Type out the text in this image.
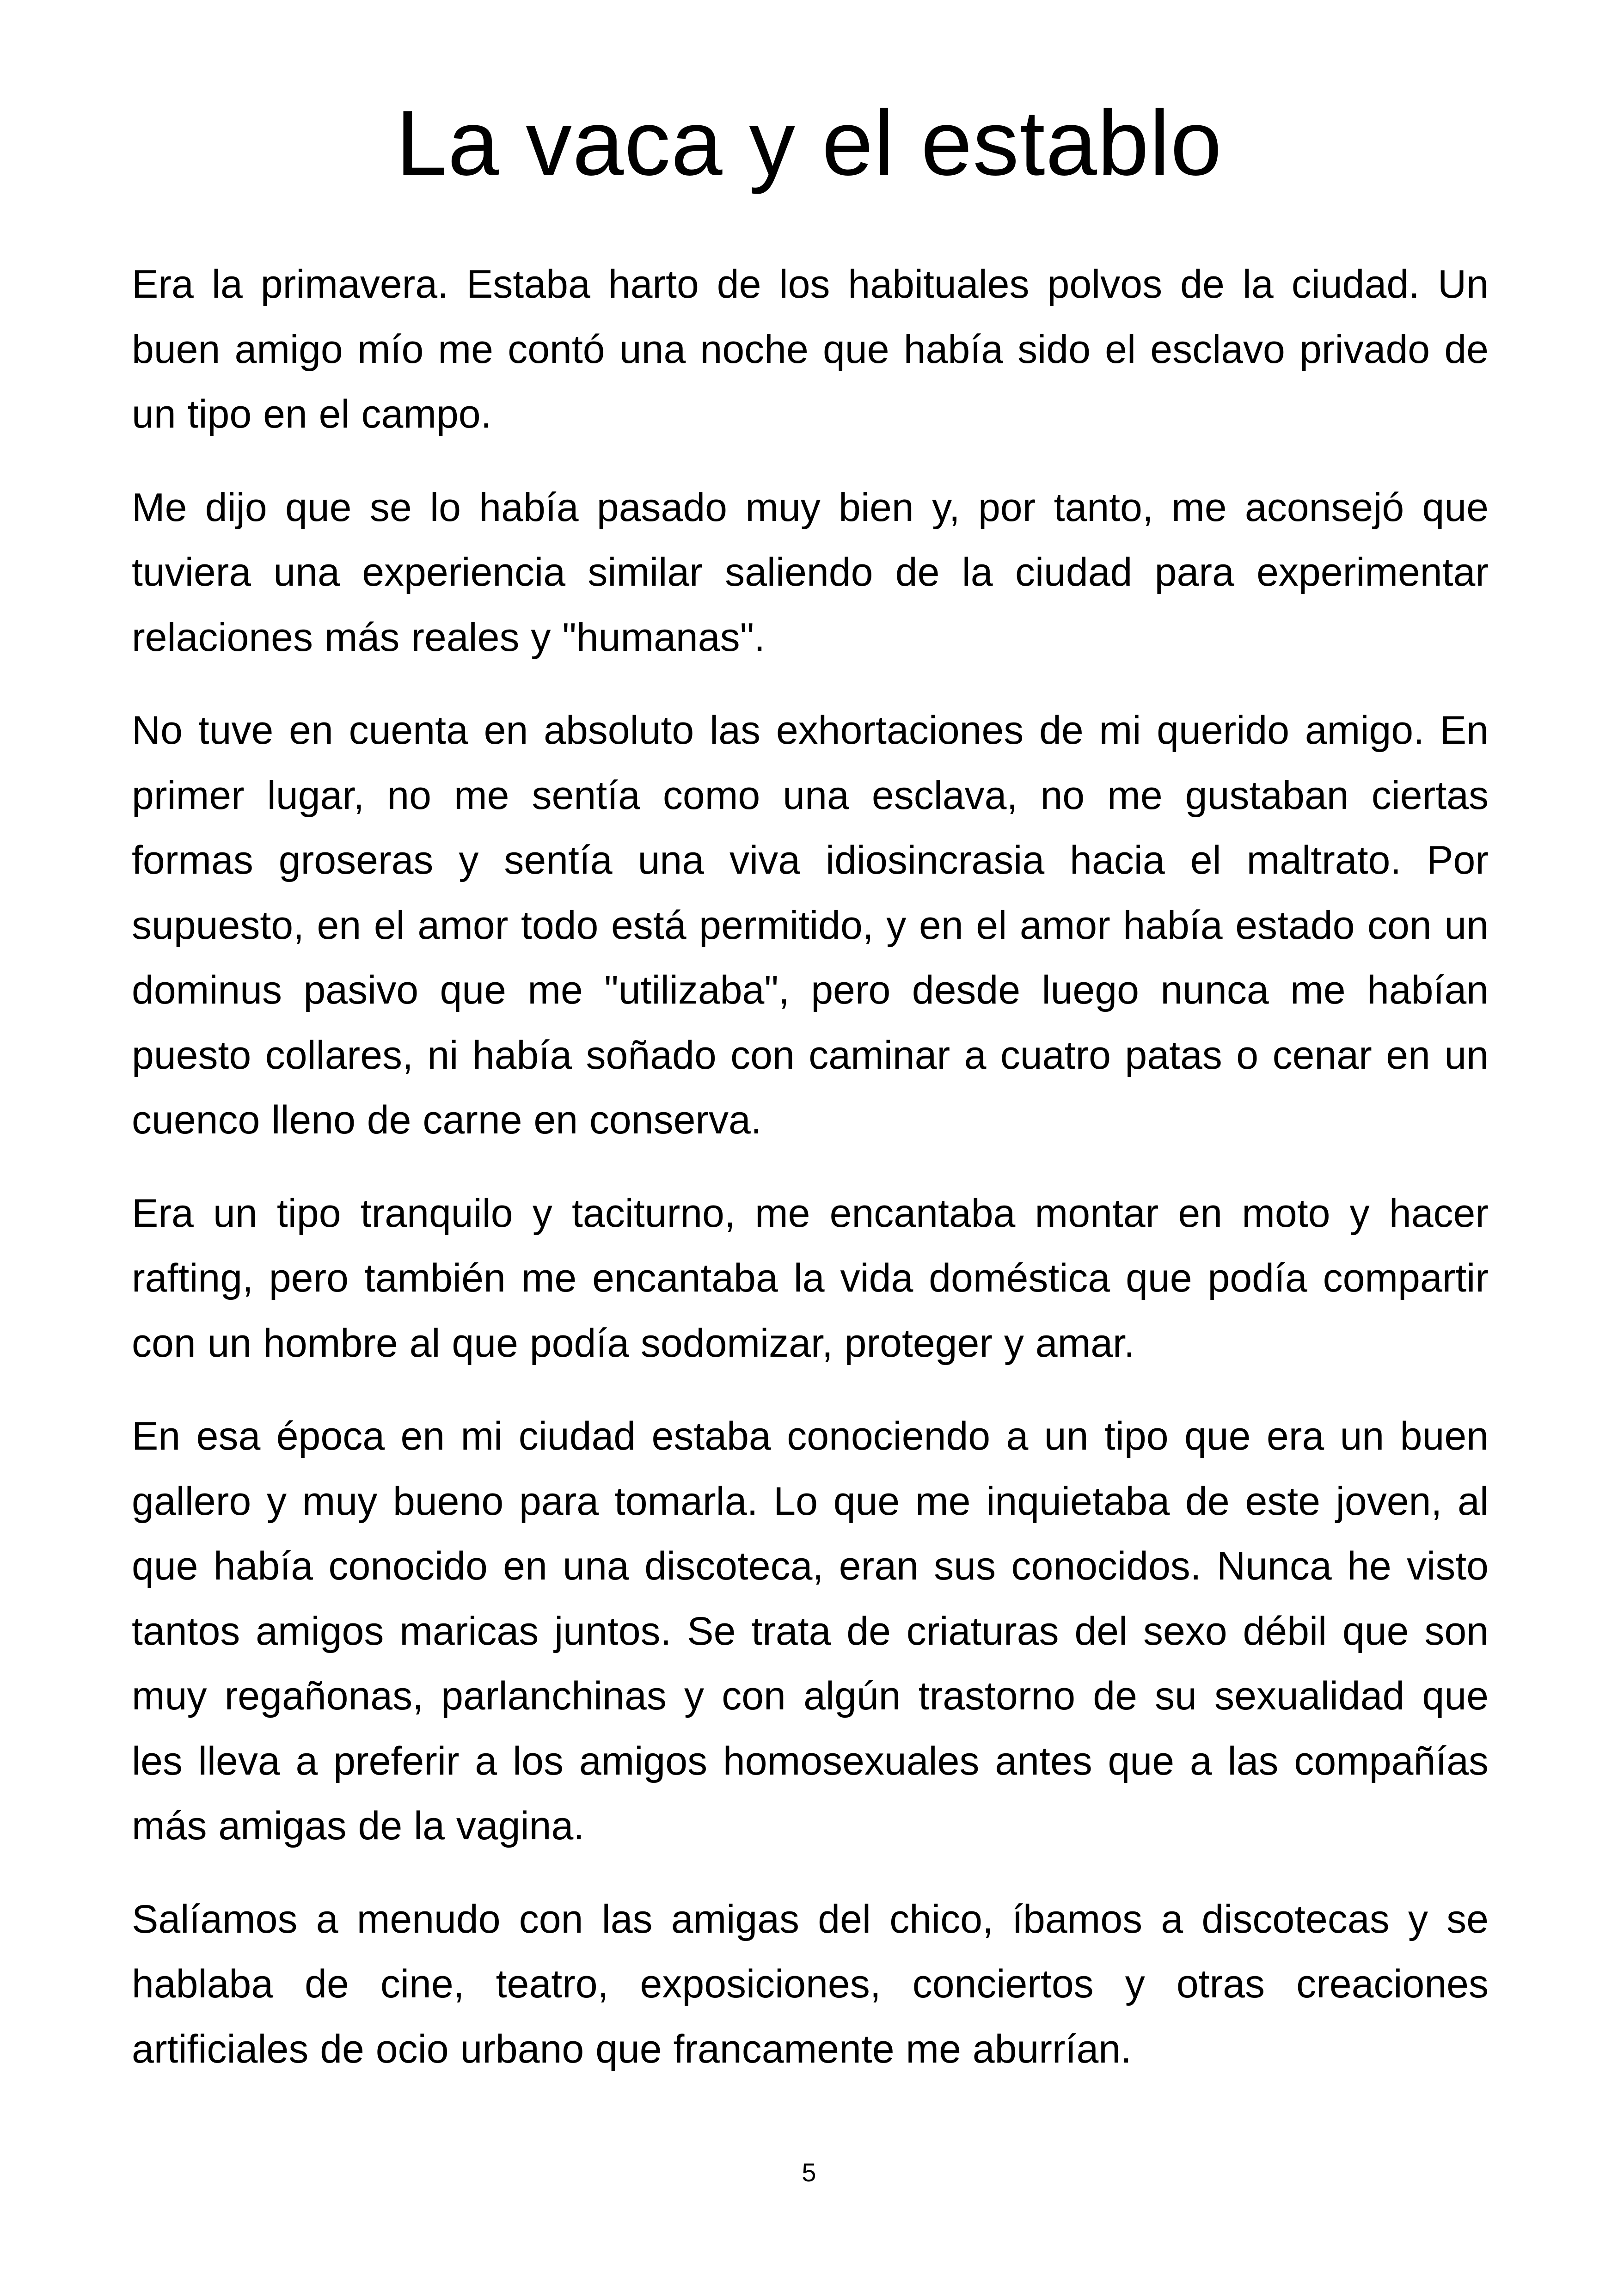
La vaca y el establo

Era la primavera. Estaba harto de los habituales polvos de la ciudad. Un buen amigo mío me contó una noche que había sido el esclavo privado de un tipo en el campo.

Me dijo que se lo había pasado muy bien y, por tanto, me aconsejó que tuviera una experiencia similar saliendo de la ciudad para experimentar relaciones más reales y "humanas".

No tuve en cuenta en absoluto las exhortaciones de mi querido amigo. En primer lugar, no me sentía como una esclava, no me gustaban ciertas formas groseras y sentía una viva idiosincrasia hacia el maltrato. Por supuesto, en el amor todo está permitido, y en el amor había estado con un dominus pasivo que me "utilizaba", pero desde luego nunca me habían puesto collares, ni había soñado con caminar a cuatro patas o cenar en un cuenco lleno de carne en conserva.

Era un tipo tranquilo y taciturno, me encantaba montar en moto y hacer rafting, pero también me encantaba la vida doméstica que podía compartir con un hombre al que podía sodomizar, proteger y amar.

En esa época en mi ciudad estaba conociendo a un tipo que era un buen gallero y muy bueno para tomarla. Lo que me inquietaba de este joven, al que había conocido en una discoteca, eran sus conocidos. Nunca he visto tantos amigos maricas juntos. Se trata de criaturas del sexo débil que son muy regañonas, parlanchinas y con algún trastorno de su sexualidad que les lleva a preferir a los amigos homosexuales antes que a las compañías más amigas de la vagina.

Salíamos a menudo con las amigas del chico, íbamos a discotecas y se hablaba de cine, teatro, exposiciones, conciertos y otras creaciones artificiales de ocio urbano que francamente me aburrían.

5
